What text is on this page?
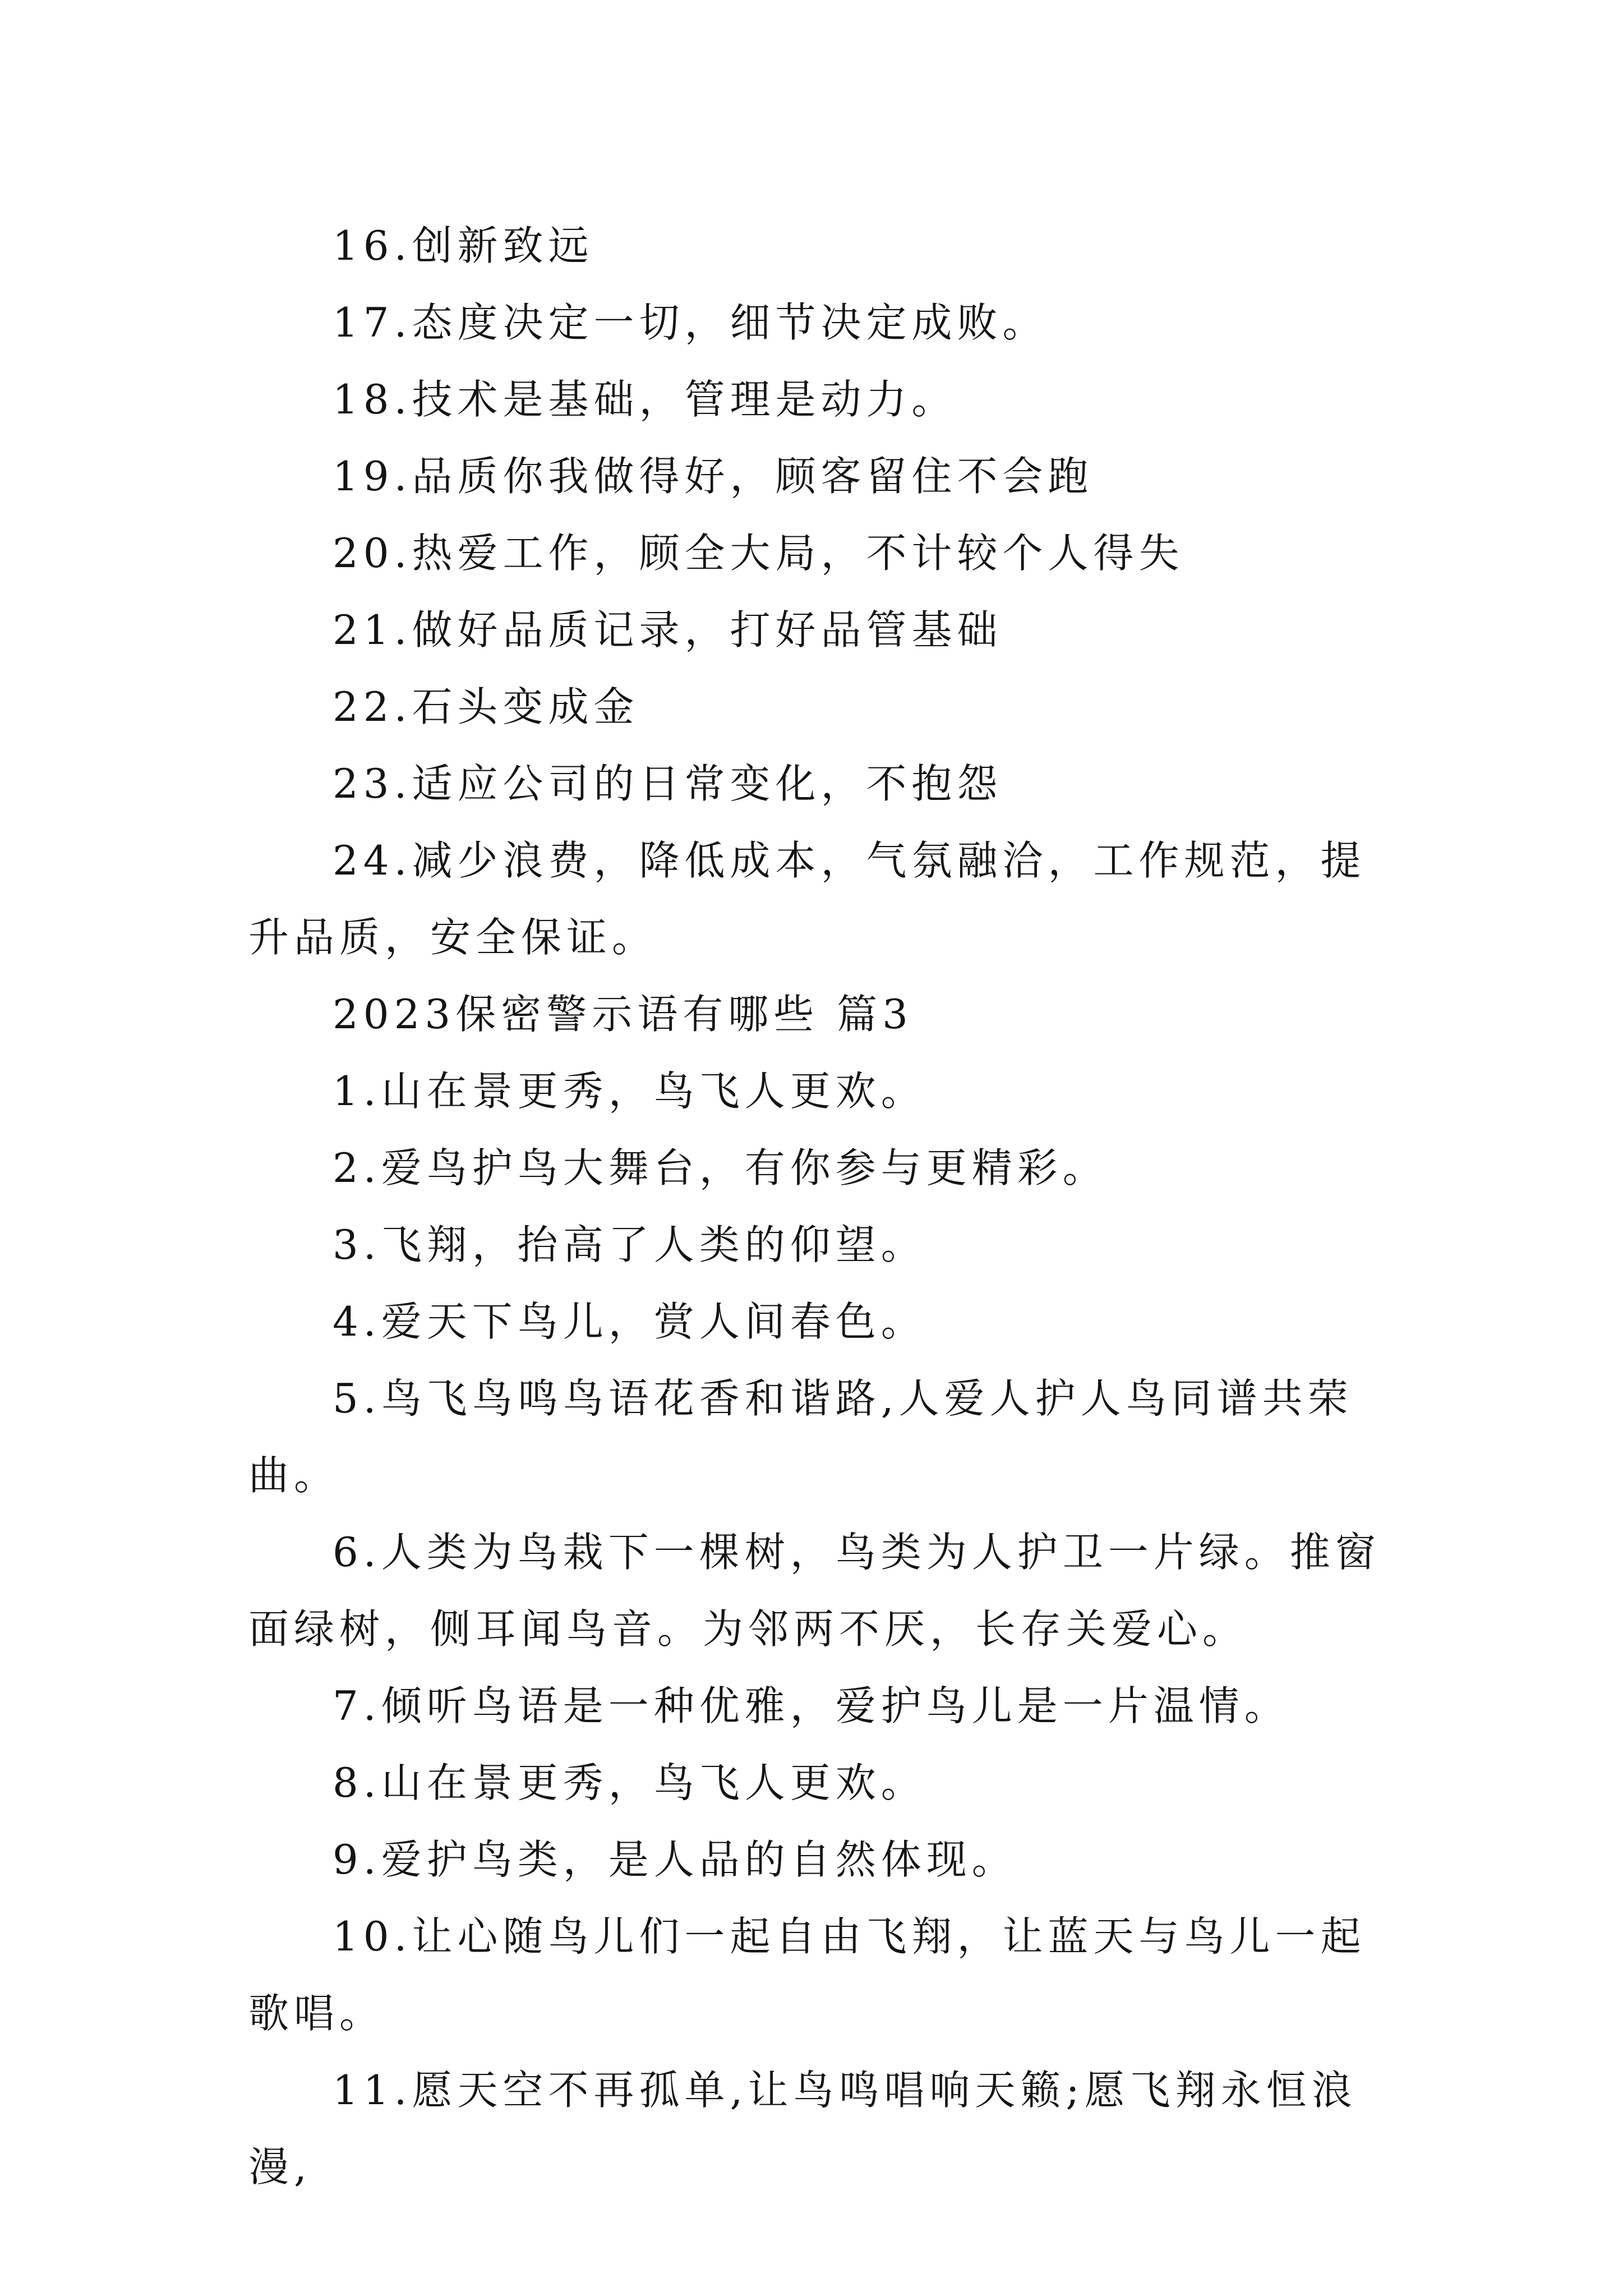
16.创新致远

17.态度决定一切，细节决定成败。

18.技术是基础，管理是动力。

19.品质你我做得好，顾客留住不会跑

20.热爱工作，顾全大局，不计较个人得失

21.做好品质记录，打好品管基础

22.石头变成金

23.适应公司的日常变化，不抱怨

24.减少浪费，降低成本，气氛融洽，工作规范，提升品质，安全保证。

2023保密警示语有哪些 篇3

1.山在景更秀，鸟飞人更欢。

2.爱鸟护鸟大舞台，有你参与更精彩。

3.飞翔，抬高了人类的仰望。

4.爱天下鸟儿，赏人间春色。

5.鸟飞鸟鸣鸟语花香和谐路,人爱人护人鸟同谱共荣曲。

6.人类为鸟栽下一棵树，鸟类为人护卫一片绿。推窗面绿树，侧耳闻鸟音。为邻两不厌，长存关爱心。

7.倾听鸟语是一种优雅，爱护鸟儿是一片温情。

8.山在景更秀，鸟飞人更欢。

9.爱护鸟类，是人品的自然体现。

10.让心随鸟儿们一起自由飞翔，让蓝天与鸟儿一起歌唱。

11.愿天空不再孤单,让鸟鸣唱响天籁;愿飞翔永恒浪漫,
